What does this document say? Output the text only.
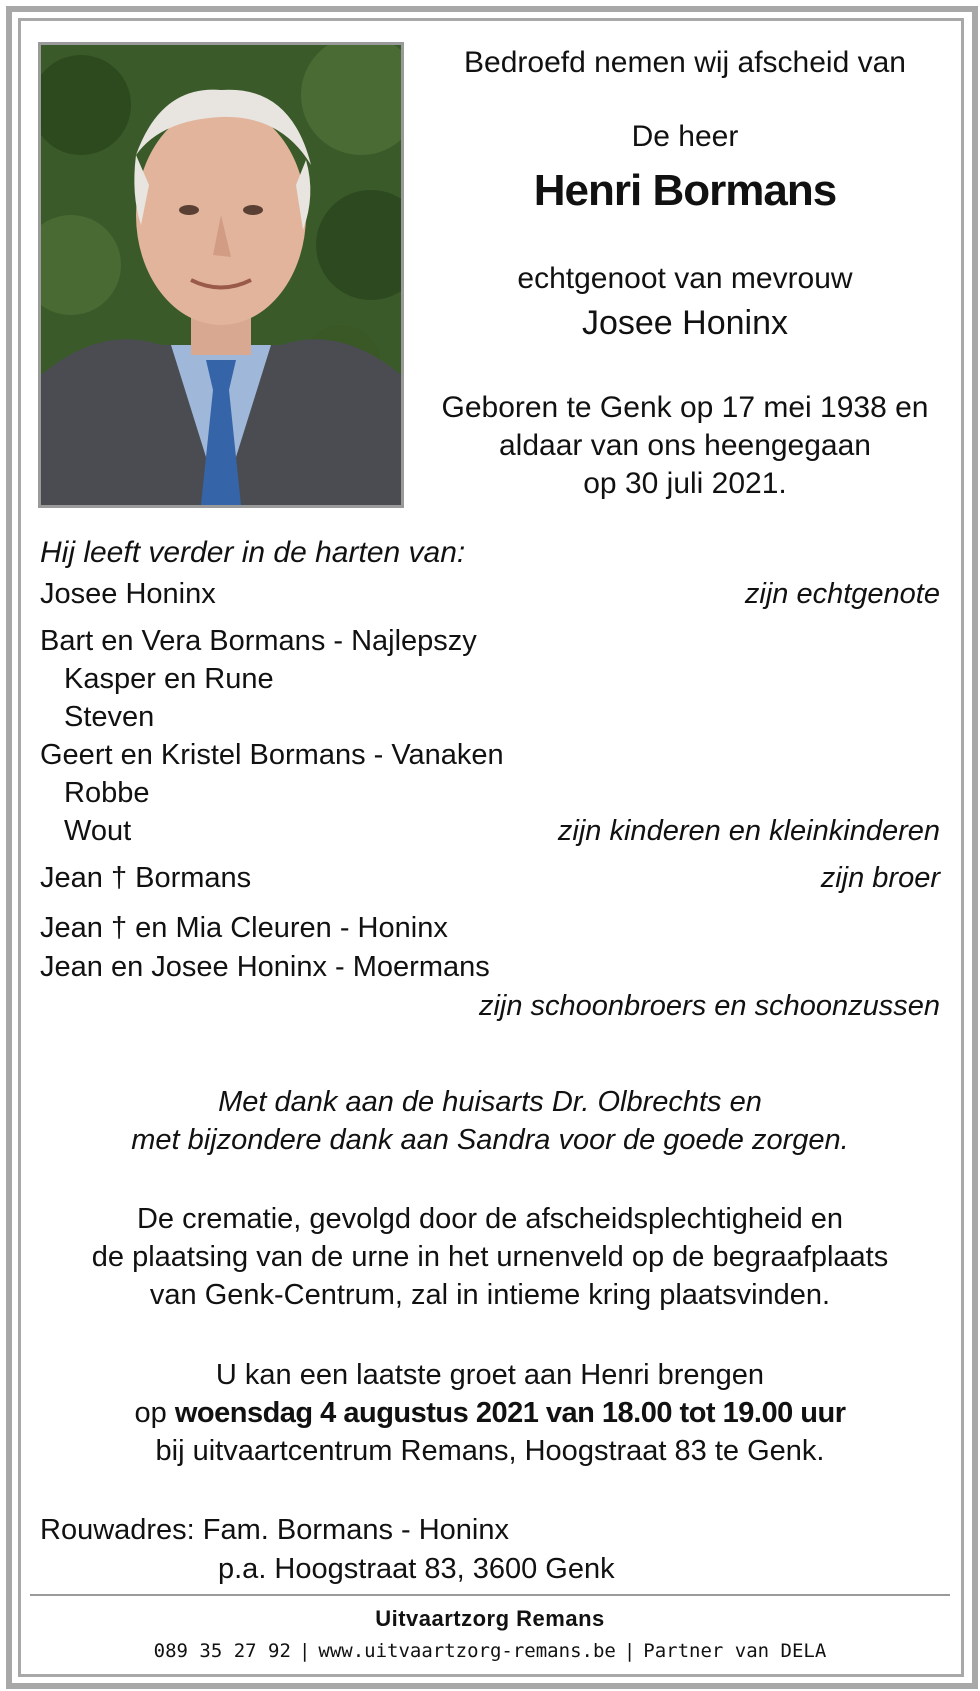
Bedroefd nemen wij afscheid van
De heer
Henri Bormans
echtgenoot van mevrouw
Josee Honinx
Geboren te Genk op 17 mei 1938 en
aldaar van ons heengegaan
op 30 juli 2021.
Hij leeft verder in de harten van:
Josee Honinx	zijn echtgenote
Bart en Vera Bormans - Najlepszy
Kasper en Rune
Steven
Geert en Kristel Bormans - Vanaken
Robbe
Wout	zijn kinderen en kleinkinderen
Jean † Bormans	zijn broer
Jean † en Mia Cleuren - Honinx
Jean en Josee Honinx - Moermans
zijn schoonbroers en schoonzussen
Met dank aan de huisarts Dr. Olbrechts en
met bijzondere dank aan Sandra voor de goede zorgen.
De crematie, gevolgd door de afscheidsplechtigheid en
de plaatsing van de urne in het urnenveld op de begraafplaats
van Genk-Centrum, zal in intieme kring plaatsvinden.
U kan een laatste groet aan Henri brengen
op woensdag 4 augustus 2021 van 18.00 tot 19.00 uur
bij uitvaartcentrum Remans, Hoogstraat 83 te Genk.
Rouwadres: Fam. Bormans - Honinx
p.a. Hoogstraat 83, 3600 Genk
Uitvaartzorg Remans
089 35 27 92 | www.uitvaartzorg-remans.be | Partner van DELA
